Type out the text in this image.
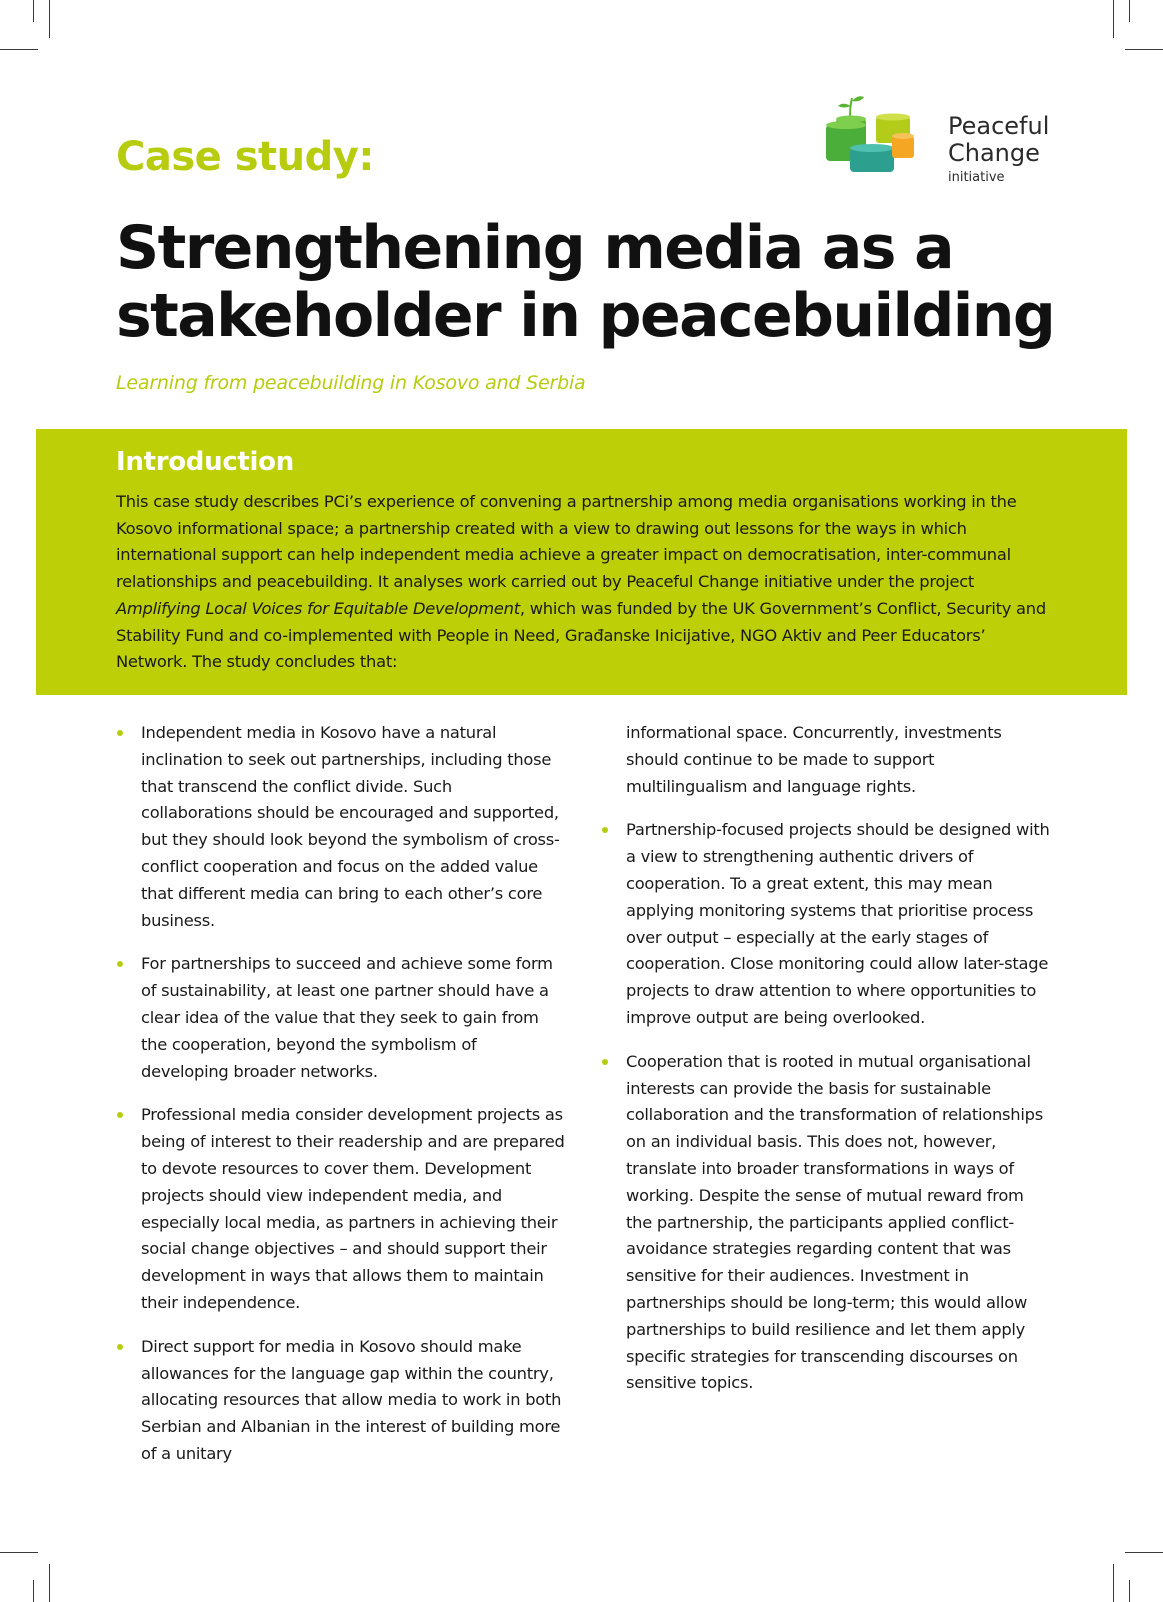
Peaceful
Change
initiative
Case study:
Strengthening media as a stakeholder in peacebuilding

Learning from peacebuilding in Kosovo and Serbia

Introduction

This case study describes PCi’s experience of convening a partnership among media organisations working in the Kosovo informational space; a partnership created with a view to drawing out lessons for the ways in which international support can help independent media achieve a greater impact on democratisation, inter-communal relationships and peacebuilding. It analyses work carried out by Peaceful Change initiative under the project Amplifying Local Voices for Equitable Development, which was funded by the UK Government’s Conflict, Security and Stability Fund and co-implemented with People in Need, Građanske Inicijative, NGO Aktiv and Peer Educators’ Network. The study concludes that:

Independent media in Kosovo have a natural inclination to seek out partnerships, including those that transcend the conflict divide. Such collaborations should be encouraged and supported, but they should look beyond the symbolism of cross-conflict cooperation and focus on the added value that different media can bring to each other’s core business.
For partnerships to succeed and achieve some form of sustainability, at least one partner should have a clear idea of the value that they seek to gain from the cooperation, beyond the symbolism of developing broader networks.
Professional media consider development projects as being of interest to their readership and are prepared to devote resources to cover them. Development projects should view independent media, and especially local media, as partners in achieving their social change objectives – and should support their development in ways that allows them to maintain their independence.
Direct support for media in Kosovo should make allowances for the language gap within the country, allocating resources that allow media to work in both Serbian and Albanian in the interest of building more of a unitary
informational space. Concurrently, investments should continue to be made to support multilingualism and language rights.
Partnership-focused projects should be designed with a view to strengthening authentic drivers of cooperation. To a great extent, this may mean applying monitoring systems that prioritise process over output – especially at the early stages of cooperation. Close monitoring could allow later-stage projects to draw attention to where opportunities to improve output are being overlooked.
Cooperation that is rooted in mutual organisational interests can provide the basis for sustainable collaboration and the transformation of relationships on an individual basis. This does not, however, translate into broader transformations in ways of working. Despite the sense of mutual reward from the partnership, the participants applied conflict-avoidance strategies regarding content that was sensitive for their audiences. Investment in partnerships should be long-term; this would allow partnerships to build resilience and let them apply specific strategies for transcending discourses on sensitive topics.
